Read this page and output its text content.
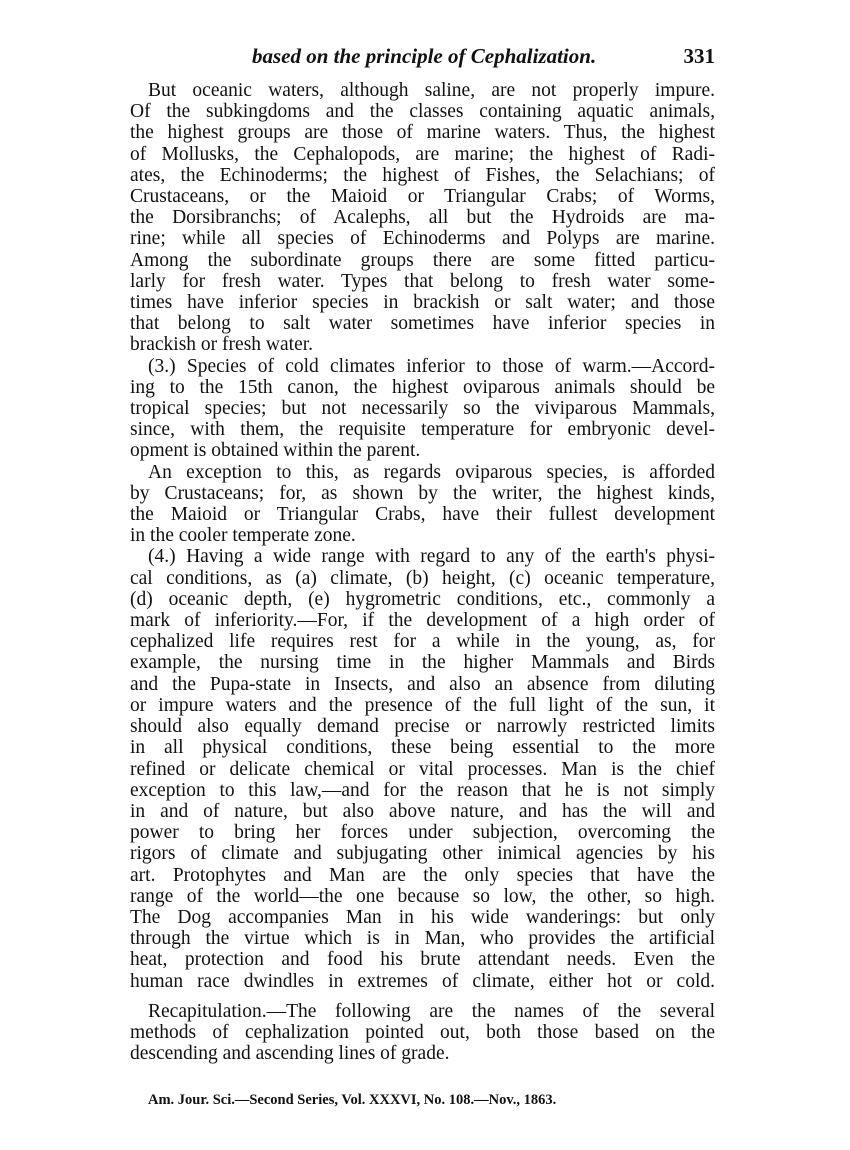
based on the principle of Cephalization.	331
But oceanic waters, although saline, are not properly impure.
Of the subkingdoms and the classes containing aquatic animals,
the highest groups are those of marine waters. Thus, the highest
of Mollusks, the Cephalopods, are marine; the highest of Radi-
ates, the Echinoderms; the highest of Fishes, the Selachians; of
Crustaceans, or the Maioid or Triangular Crabs; of Worms,
the Dorsibranchs; of Acalephs, all but the Hydroids are ma-
rine; while all species of Echinoderms and Polyps are marine.
Among the subordinate groups there are some fitted particu-
larly for fresh water. Types that belong to fresh water some-
times have inferior species in brackish or salt water; and those
that belong to salt water sometimes have inferior species in
brackish or fresh water.
(3.) Species of cold climates inferior to those of warm.—Accord-
ing to the 15th canon, the highest oviparous animals should be
tropical species; but not necessarily so the viviparous Mammals,
since, with them, the requisite temperature for embryonic devel-
opment is obtained within the parent.
An exception to this, as regards oviparous species, is afforded
by Crustaceans; for, as shown by the writer, the highest kinds,
the Maioid or Triangular Crabs, have their fullest development
in the cooler temperate zone.
(4.) Having a wide range with regard to any of the earth's physi-
cal conditions, as (a) climate, (b) height, (c) oceanic temperature,
(d) oceanic depth, (e) hygrometric conditions, etc., commonly a
mark of inferiority.—For, if the development of a high order of
cephalized life requires rest for a while in the young, as, for
example, the nursing time in the higher Mammals and Birds
and the Pupa-state in Insects, and also an absence from diluting
or impure waters and the presence of the full light of the sun, it
should also equally demand precise or narrowly restricted limits
in all physical conditions, these being essential to the more
refined or delicate chemical or vital processes. Man is the chief
exception to this law,—and for the reason that he is not simply
in and of nature, but also above nature, and has the will and
power to bring her forces under subjection, overcoming the
rigors of climate and subjugating other inimical agencies by his
art. Protophytes and Man are the only species that have the
range of the world—the one because so low, the other, so high.
The Dog accompanies Man in his wide wanderings: but only
through the virtue which is in Man, who provides the artificial
heat, protection and food his brute attendant needs. Even the
human race dwindles in extremes of climate, either hot or cold.
Recapitulation.—The following are the names of the several
methods of cephalization pointed out, both those based on the
descending and ascending lines of grade.
Am. Jour. Sci.—Second Series, Vol. XXXVI, No. 108.—Nov., 1863.
